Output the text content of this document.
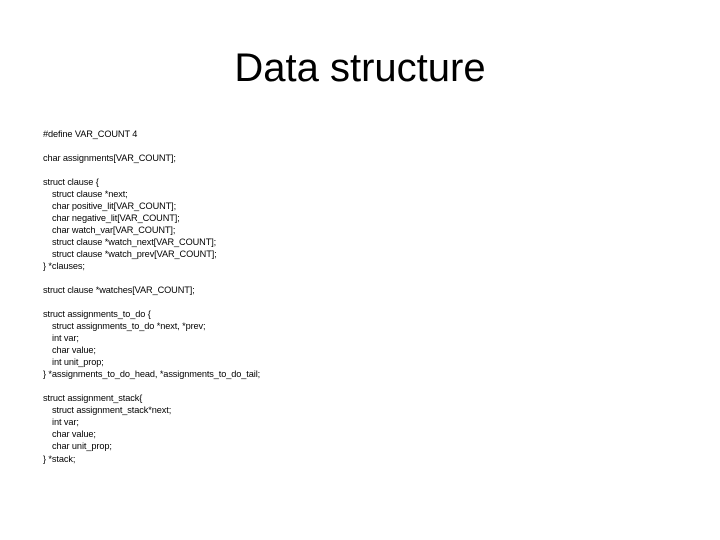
Data structure
#define VAR_COUNT 4
char assignments[VAR_COUNT];
struct clause {
struct clause *next;
char positive_lit[VAR_COUNT];
char negative_lit[VAR_COUNT];
char watch_var[VAR_COUNT];
struct clause *watch_next[VAR_COUNT];
struct clause *watch_prev[VAR_COUNT];
} *clauses;
struct clause *watches[VAR_COUNT];
struct assignments_to_do {
struct assignments_to_do *next, *prev;
int var;
char value;
int unit_prop;
} *assignments_to_do_head, *assignments_to_do_tail;
struct assignment_stack{
struct assignment_stack*next;
int var;
char value;
char unit_prop;
} *stack;
